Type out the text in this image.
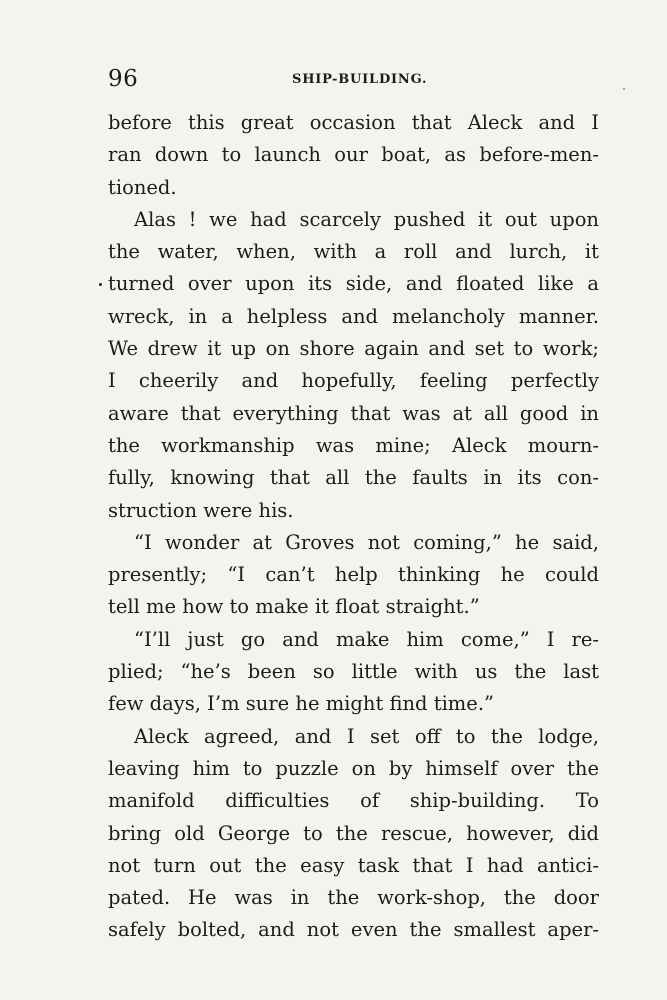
96	SHIP-BUILDING.
before this great occasion that Aleck and I
ran down to launch our boat, as before-men-
tioned.
Alas ! we had scarcely pushed it out upon
the water, when, with a roll and lurch, it
turned over upon its side, and floated like a
wreck, in a helpless and melancholy manner.
We drew it up on shore again and set to work;
I cheerily and hopefully, feeling perfectly
aware that everything that was at all good in
the workmanship was mine; Aleck mourn-
fully, knowing that all the faults in its con-
struction were his.
“I wonder at Groves not coming,” he said,
presently; “I can’t help thinking he could
tell me how to make it float straight.”
“I’ll just go and make him come,” I re-
plied; “he’s been so little with us the last
few days, I’m sure he might find time.”
Aleck agreed, and I set off to the lodge,
leaving him to puzzle on by himself over the
manifold difficulties of ship-building. To
bring old George to the rescue, however, did
not turn out the easy task that I had antici-
pated. He was in the work-shop, the door
safely bolted, and not even the smallest aper-
